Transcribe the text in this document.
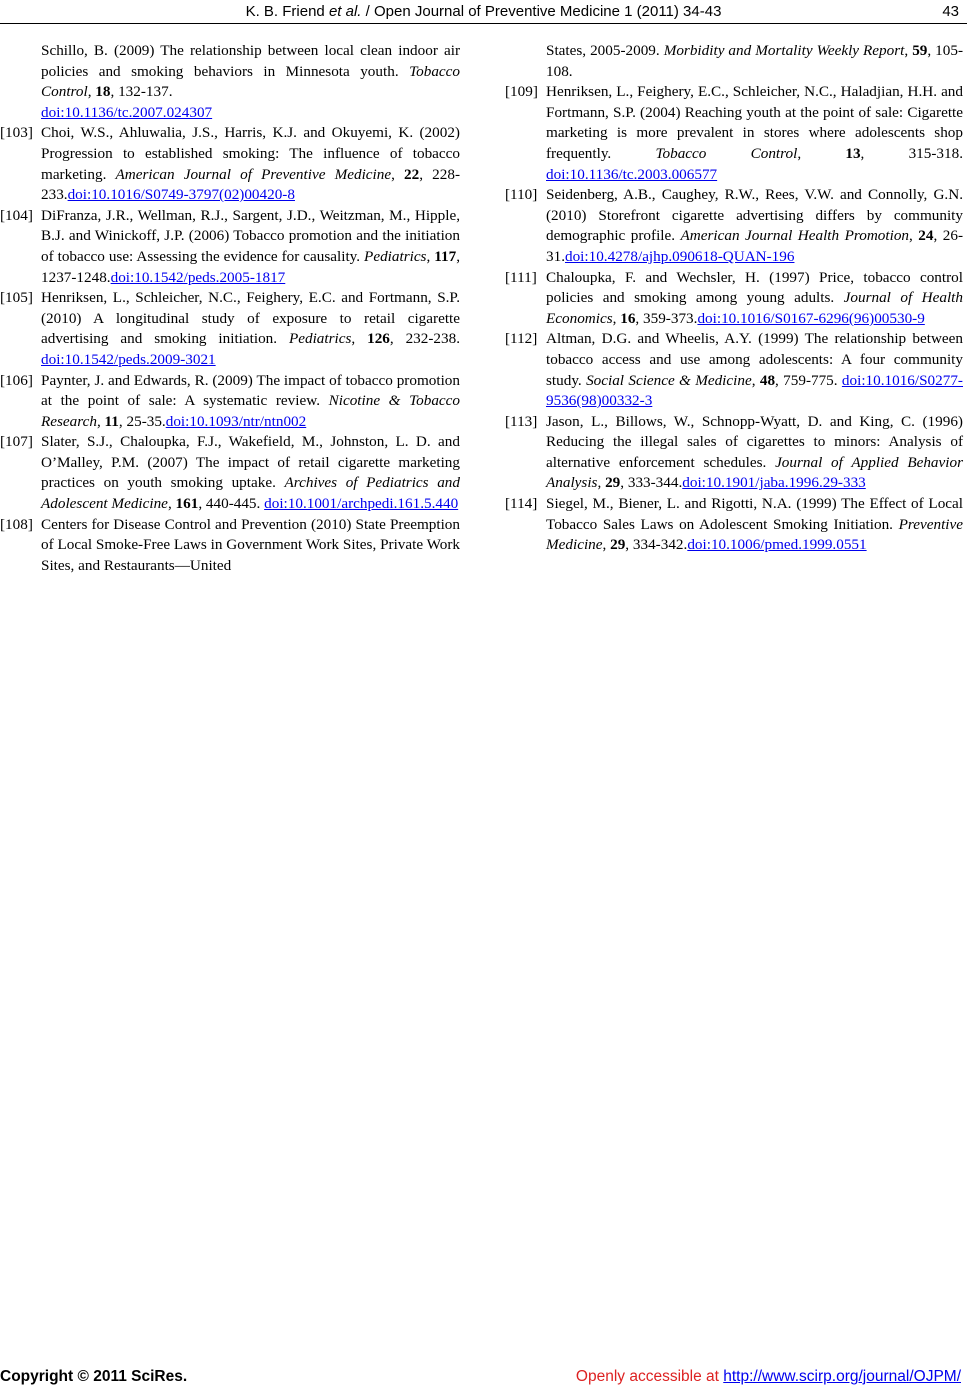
K. B. Friend et al. / Open Journal of Preventive Medicine 1 (2011) 34-43	43
Schillo, B. (2009) The relationship between local clean indoor air policies and smoking behaviors in Minnesota youth. Tobacco Control, 18, 132-137.
doi:10.1136/tc.2007.024307
[103] Choi, W.S., Ahluwalia, J.S., Harris, K.J. and Okuyemi, K. (2002) Progression to established smoking: The influence of tobacco marketing. American Journal of Preventive Medicine, 22, 228-233.doi:10.1016/S0749-3797(02)00420-8
[104] DiFranza, J.R., Wellman, R.J., Sargent, J.D., Weitzman, M., Hipple, B.J. and Winickoff, J.P. (2006) Tobacco promotion and the initiation of tobacco use: Assessing the evidence for causality. Pediatrics, 117, 1237-1248.doi:10.1542/peds.2005-1817
[105] Henriksen, L., Schleicher, N.C., Feighery, E.C. and Fortmann, S.P. (2010) A longitudinal study of exposure to retail cigarette advertising and smoking initiation. Pediatrics, 126, 232-238. doi:10.1542/peds.2009-3021
[106] Paynter, J. and Edwards, R. (2009) The impact of tobacco promotion at the point of sale: A systematic review. Nicotine & Tobacco Research, 11, 25-35.doi:10.1093/ntr/ntn002
[107] Slater, S.J., Chaloupka, F.J., Wakefield, M., Johnston, L. D. and O’Malley, P.M. (2007) The impact of retail cigarette marketing practices on youth smoking uptake. Archives of Pediatrics and Adolescent Medicine, 161, 440-445. doi:10.1001/archpedi.161.5.440
[108] Centers for Disease Control and Prevention (2010) State Preemption of Local Smoke-Free Laws in Government Work Sites, Private Work Sites, and Restaurants—United
States, 2005-2009. Morbidity and Mortality Weekly Report, 59, 105-108.
[109] Henriksen, L., Feighery, E.C., Schleicher, N.C., Haladjian, H.H. and Fortmann, S.P. (2004) Reaching youth at the point of sale: Cigarette marketing is more prevalent in stores where adolescents shop frequently. Tobacco Control, 13, 315-318. doi:10.1136/tc.2003.006577
[110] Seidenberg, A.B., Caughey, R.W., Rees, V.W. and Connolly, G.N. (2010) Storefront cigarette advertising differs by community demographic profile. American Journal Health Promotion, 24, 26-31.doi:10.4278/ajhp.090618-QUAN-196
[111] Chaloupka, F. and Wechsler, H. (1997) Price, tobacco control policies and smoking among young adults. Journal of Health Economics, 16, 359-373.doi:10.1016/S0167-6296(96)00530-9
[112] Altman, D.G. and Wheelis, A.Y. (1999) The relationship between tobacco access and use among adolescents: A four community study. Social Science & Medicine, 48, 759-775. doi:10.1016/S0277-9536(98)00332-3
[113] Jason, L., Billows, W., Schnopp-Wyatt, D. and King, C. (1996) Reducing the illegal sales of cigarettes to minors: Analysis of alternative enforcement schedules. Journal of Applied Behavior Analysis, 29, 333-344.doi:10.1901/jaba.1996.29-333
[114] Siegel, M., Biener, L. and Rigotti, N.A. (1999) The Effect of Local Tobacco Sales Laws on Adolescent Smoking Initiation. Preventive Medicine, 29, 334-342.doi:10.1006/pmed.1999.0551
Copyright © 2011 SciRes.	Openly accessible at http://www.scirp.org/journal/OJPM/
